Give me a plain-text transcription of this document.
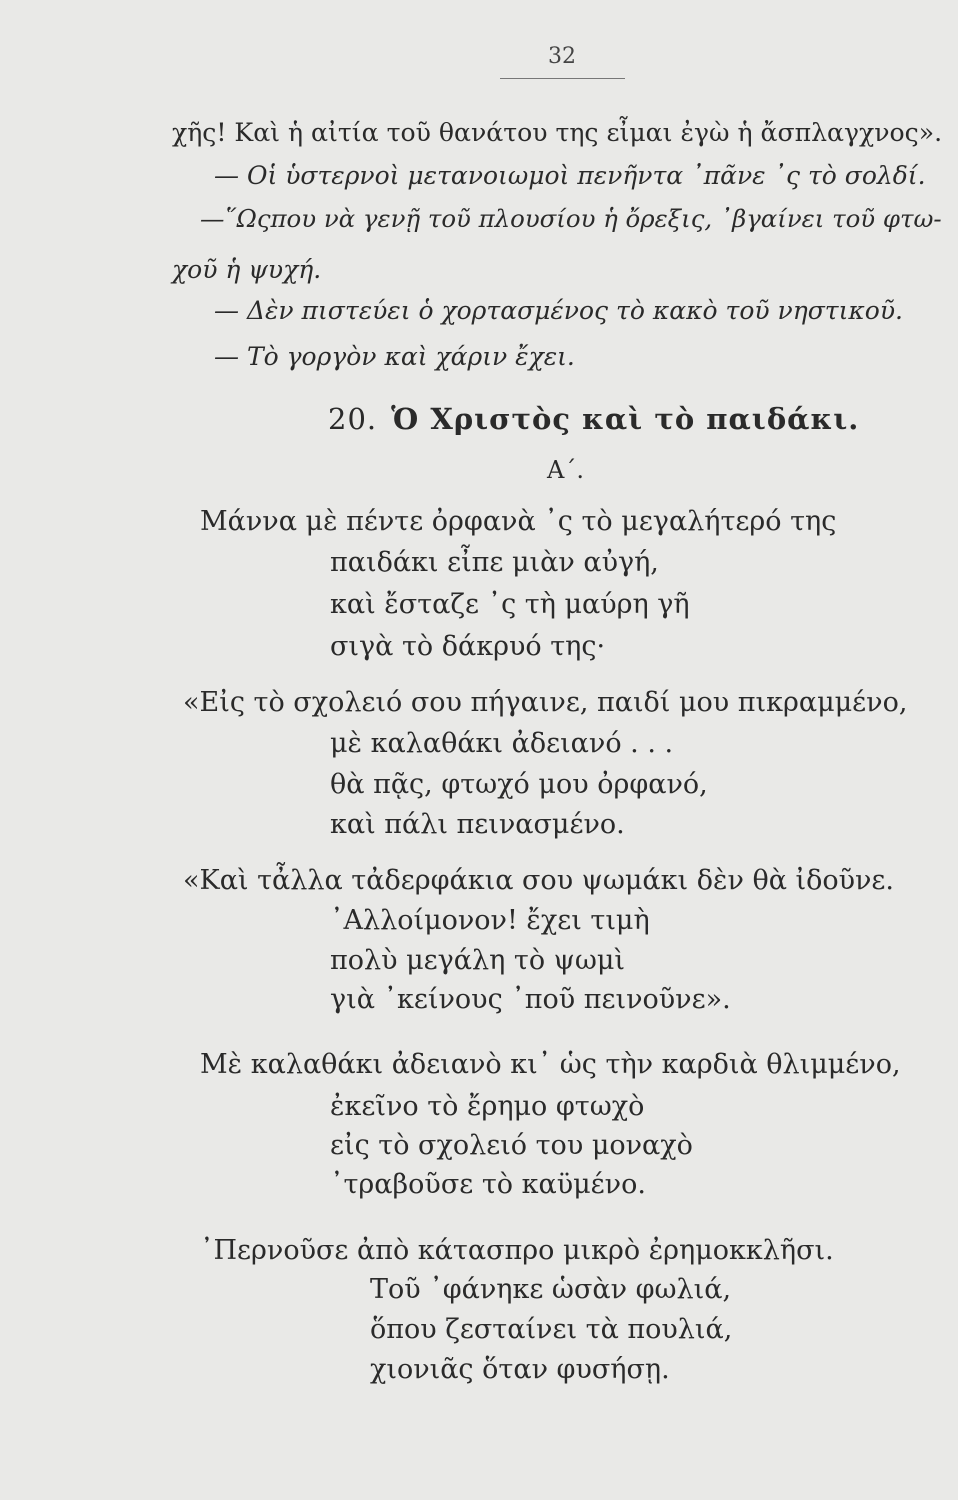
32
χῆς! Καὶ ἡ αἰτία τοῦ θανάτου της εἶμαι ἐγὼ ἡ ἄσπλαγχνος».
— Οἱ ὑστερνοὶ μετανοιωμοὶ πενῆντα ᾽πᾶνε ᾽ς τὸ σολδί.
—῞Ωςπου νὰ γενῇ τοῦ πλουσίου ἡ ὄρεξις, ᾽βγαίνει τοῦ φτω-
χοῦ ἡ ψυχή.
— Δὲν πιστεύει ὁ χορτασμένος τὸ κακὸ τοῦ νηστικοῦ.
— Τὸ γοργὸν καὶ χάριν ἔχει.
20. Ὁ Χριστὸς καὶ τὸ παιδάκι.
Α΄.
Μάννα μὲ πέντε ὀρφανὰ ᾽ς τὸ μεγαλήτερό της
παιδάκι εἶπε μιὰν αὐγή,
καὶ ἔσταζε ᾽ς τὴ μαύρη γῆ
σιγὰ τὸ δάκρυό της·
«Εἰς τὸ σχολειό σου πήγαινε, παιδί μου πικραμμένο,
μὲ καλαθάκι ἀδειανό . . .
θὰ πᾷς, φτωχό μου ὀρφανό,
καὶ πάλι πεινασμένο.
«Καὶ τἆλλα τἀδερφάκια σου ψωμάκι δὲν θὰ ἰδοῦνε.
᾽Αλλοίμονον! ἔχει τιμὴ
πολὺ μεγάλη τὸ ψωμὶ
γιὰ ᾽κείνους ᾽ποῦ πεινοῦνε».
Μὲ καλαθάκι ἀδειανὸ κι᾽ ὡς τὴν καρδιὰ θλιμμένο,
ἐκεῖνο τὸ ἔρημο φτωχὸ
εἰς τὸ σχολειό του μοναχὸ
᾽τραβοῦσε τὸ καϋμένο.
᾽Περνοῦσε ἀπὸ κάτασπρο μικρὸ ἐρημοκκλῆσι.
Τοῦ ᾽φάνηκε ὡσὰν φωλιά,
ὅπου ζεσταίνει τὰ πουλιά,
χιονιᾶς ὅταν φυσήσῃ.
